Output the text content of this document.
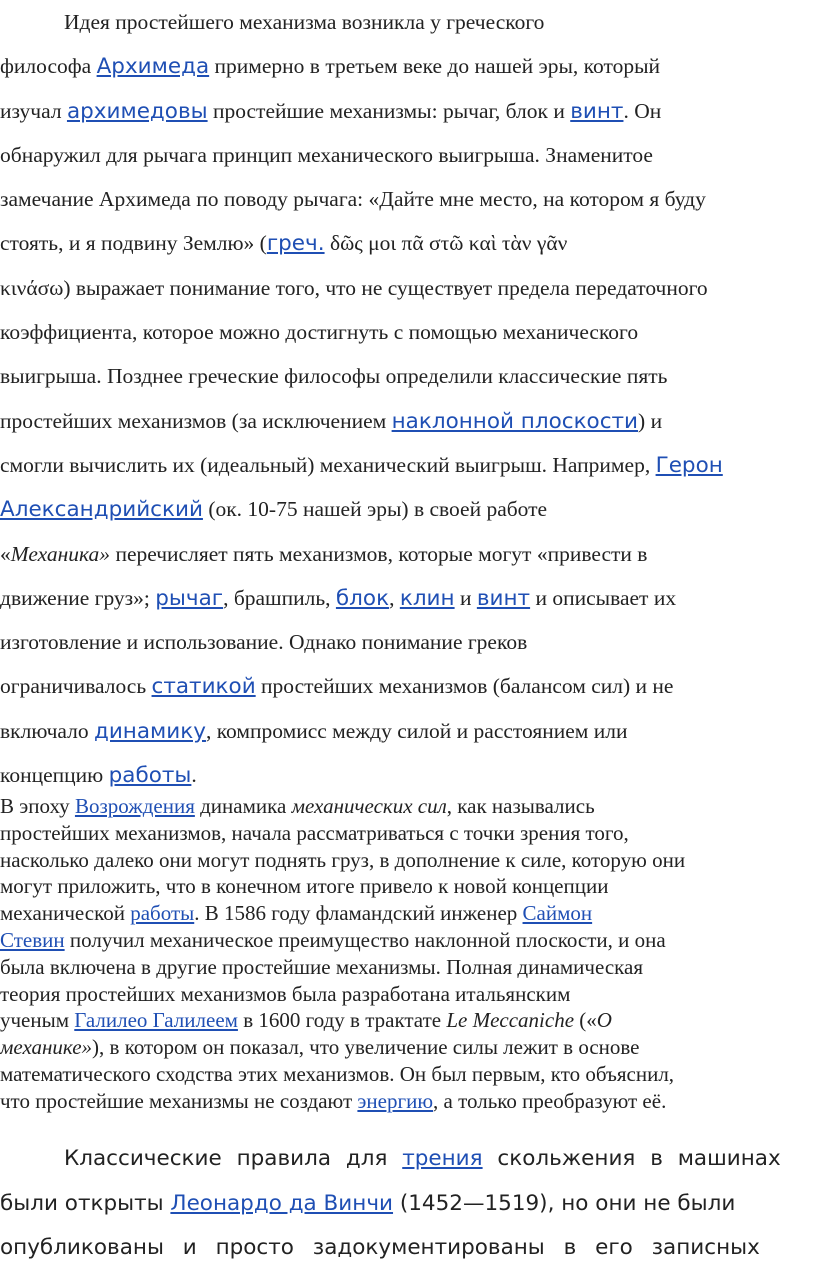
Идея простейшего механизма возникла у греческого
философа Архимеда примерно в третьем веке до нашей эры, который
изучал архимедовы простейшие механизмы: рычаг, блок и винт. Он
обнаружил для рычага принцип механического выигрыша. Знаменитое
замечание Архимеда по поводу рычага: «Дайте мне место, на котором я буду
стоять, и я подвину Землю» (греч. δῶς μοι πᾶ στῶ καὶ τὰν γᾶν
κινάσω) выражает понимание того, что не существует предела передаточного
коэффициента, которое можно достигнуть с помощью механического
выигрыша. Позднее греческие философы определили классические пять
простейших механизмов (за исключением наклонной плоскости) и
смогли вычислить их (идеальный) механический выигрыш. Например, Герон
Александрийский (ок. 10-75 нашей эры) в своей работе
«Механика» перечисляет пять механизмов, которые могут «привести в
движение груз»; рычаг, брашпиль, блок, клин и винт и описывает их
изготовление и использование. Однако понимание греков
ограничивалось статикой простейших механизмов (балансом сил) и не
включало динамику, компромисс между силой и расстоянием или
концепцию работы.
В эпоху Возрождения динамика механических сил, как назывались
простейших механизмов, начала рассматриваться с точки зрения того,
насколько далеко они могут поднять груз, в дополнение к силе, которую они
могут приложить, что в конечном итоге привело к новой концепции
механической работы. В 1586 году фламандский инженер Саймон
Стевин получил механическое преимущество наклонной плоскости, и она
была включена в другие простейшие механизмы. Полная динамическая
теория простейших механизмов была разработана итальянским
ученым Галилео Галилеем в 1600 году в трактате Le Meccaniche («О
механике»), в котором он показал, что увеличение силы лежит в основе
математического сходства этих механизмов. Он был первым, кто объяснил,
что простейшие механизмы не создают энергию, а только преобразуют её.
Классические правила для трения скольжения в машинах
были открыты Леонардо да Винчи (1452—1519), но они не были
опубликованы и просто задокументированы в его записных
